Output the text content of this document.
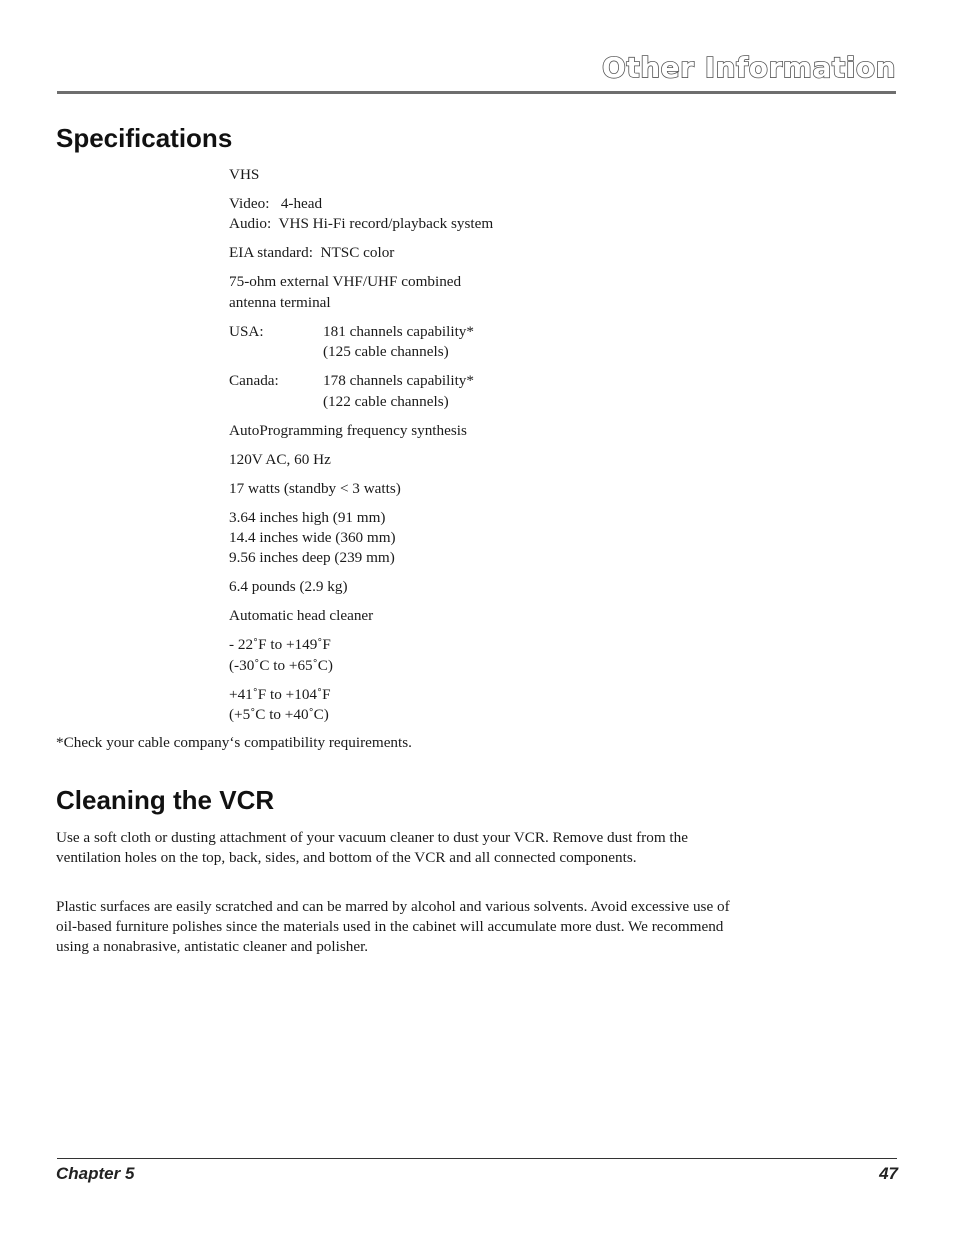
Other Information
Specifications
VHS
Video:   4-head
Audio:  VHS Hi-Fi record/playback system
EIA standard:  NTSC color
75-ohm external VHF/UHF combined
antenna terminal
USA:	181 channels capability*
(125 cable channels)
Canada:	178 channels capability*
(122 cable channels)
AutoProgramming frequency synthesis
120V AC, 60 Hz
17 watts (standby < 3 watts)
3.64 inches high (91 mm)
14.4 inches wide (360 mm)
9.56 inches deep (239 mm)
6.4 pounds (2.9 kg)
Automatic head cleaner
- 22˚F to +149˚F
(-30˚C to +65˚C)
+41˚F to +104˚F
(+5˚C to +40˚C)
*Check your cable company‘s compatibility requirements.
Cleaning the VCR

Use a soft cloth or dusting attachment of your vacuum cleaner to dust your VCR. Remove dust from the ventilation holes on the top, back, sides, and bottom of the VCR and all connected components.

Plastic surfaces are easily scratched and can be marred by alcohol and various solvents. Avoid excessive use of oil-based furniture polishes since the materials used in the cabinet will accumulate more dust. We recommend using a nonabrasive, antistatic cleaner and polisher.

Chapter 5	47
